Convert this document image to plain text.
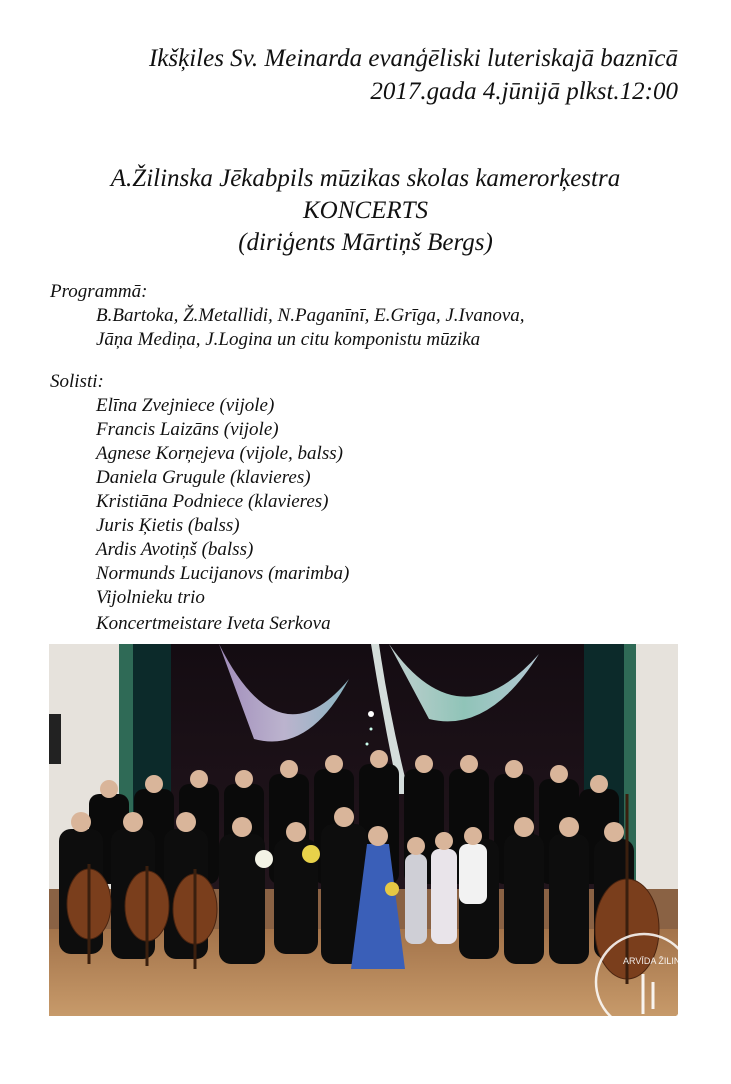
Ikšķiles Sv. Meinarda evanģēliski luteriskajā baznīcā
2017.gada 4.jūnijā plkst.12:00
A.Žilinska Jēkabpils mūzikas skolas kamerorķestra
KONCERTS
(diriģents Mārtiņš Bergs)
Programmā:
B.Bartoka, Ž.Metallidi, N.Paganīnī, E.Grīga, J.Ivanova,
Jāņa Mediņa, J.Logina un citu komponistu mūzika
Solisti:
Elīna Zvejniece (vijole)
Francis Laizāns (vijole)
Agnese Korņejeva (vijole, balss)
Daniela Grugule (klavieres)
Kristiāna Podniece (klavieres)
Juris Ķietis (balss)
Ardis Avotiņš (balss)
Normunds Lucijanovs (marimba)
Vijolnieku trio
Koncertmeistare Iveta Serkova
ARVĪDA ŽILINSKA
